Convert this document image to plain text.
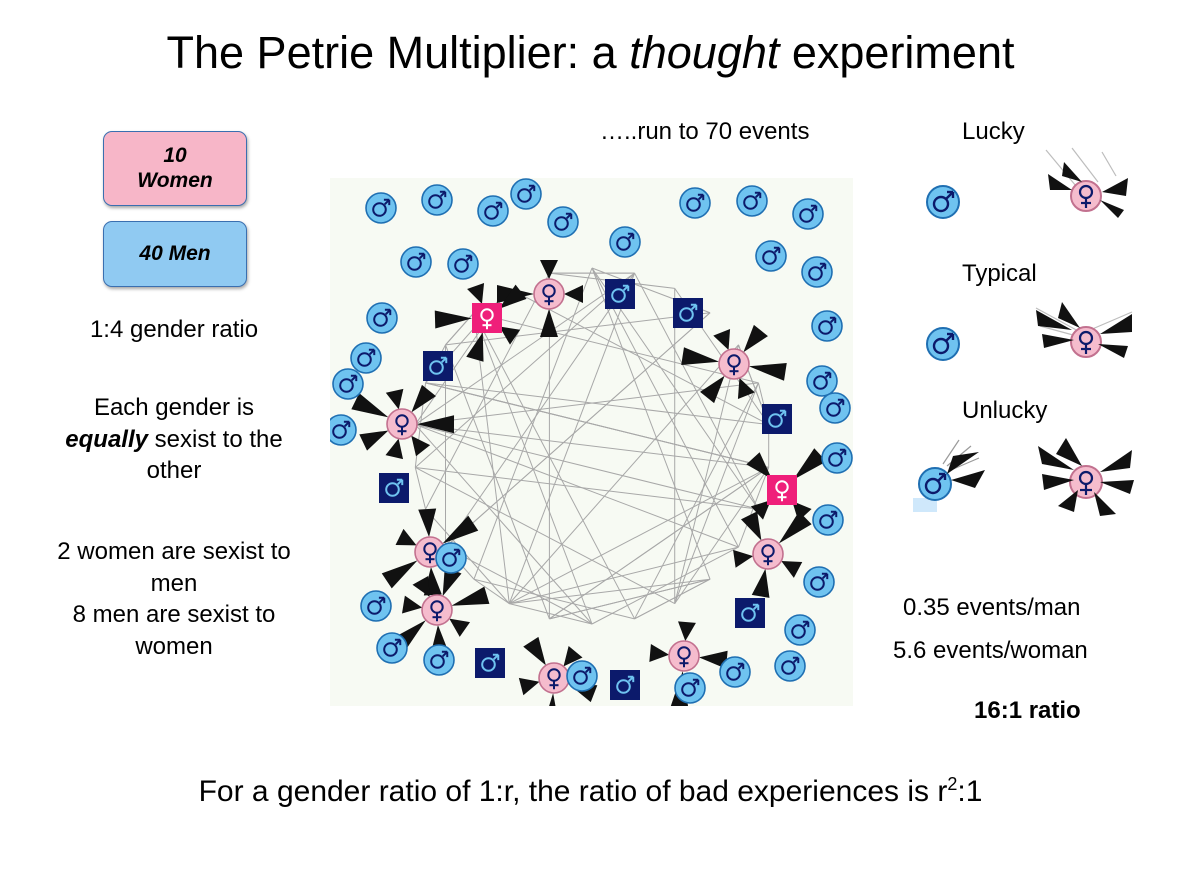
The Petrie Multiplier: a thought experiment
10
Women
40 Men
1:4 gender ratio
Each gender is
equally sexist to the
other
2 women are sexist to
men
8 men are sexist to
women
…..run to 70 events	Lucky
Typical
Unlucky
0.35 events/man
5.6 events/woman
16:1 ratio
For a gender ratio of 1:r, the ratio of bad experiences is $r^2:1$
